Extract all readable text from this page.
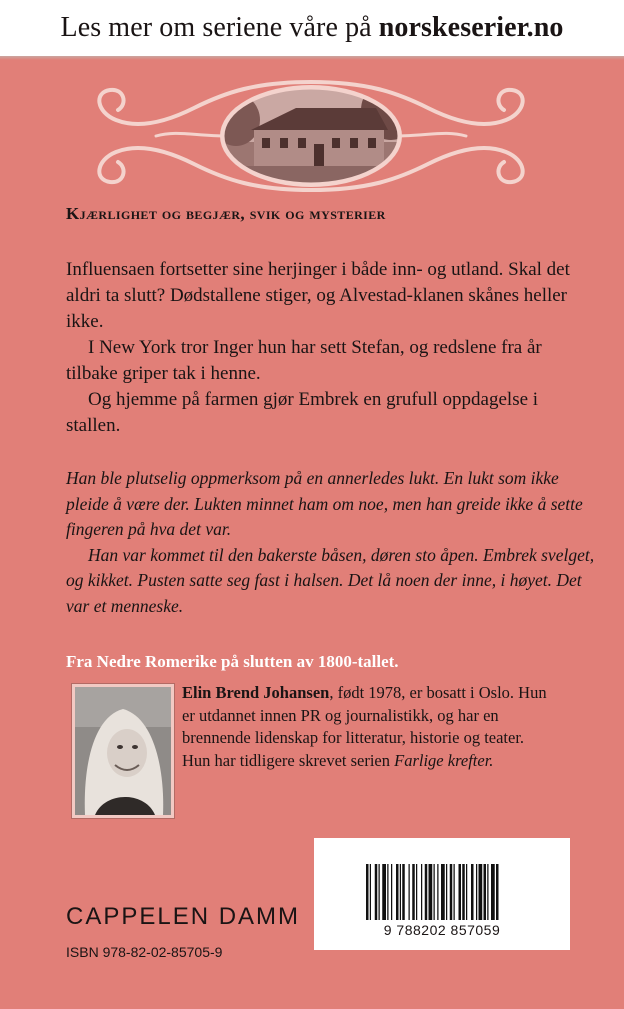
Les mer om seriene våre på norskeserier.no
Kjærlighet og begjær, svik og mysterier

Influensaen fortsetter sine herjinger i både inn- og utland. Skal det aldri ta slutt? Dødstallene stiger, og Alvestad-klanen skånes heller ikke.

I New York tror Inger hun har sett Stefan, og redslene fra år tilbake griper tak i henne.

Og hjemme på farmen gjør Embrek en grufull oppdagelse i stallen.

Han ble plutselig oppmerksom på en annerledes lukt. En lukt som ikke pleide å være der. Lukten minnet ham om noe, men han greide ikke å sette fingeren på hva det var.

Han var kommet til den bakerste båsen, døren sto åpen. Embrek svelget, og kikket. Pusten satte seg fast i halsen. Det lå noen der inne, i høyet. Det var et menneske.

Fra Nedre Romerike på slutten av 1800-tallet.

Elin Brend Johansen, født 1978, er bosatt i Oslo. Hun er utdannet innen PR og journalistikk, og har en brennende lidenskap for litteratur, historie og teater.

Hun har tidligere skrevet serien Farlige krefter.

CAPPELEN DAMM
ISBN 978-82-02-85705-9
9 788202 857059
